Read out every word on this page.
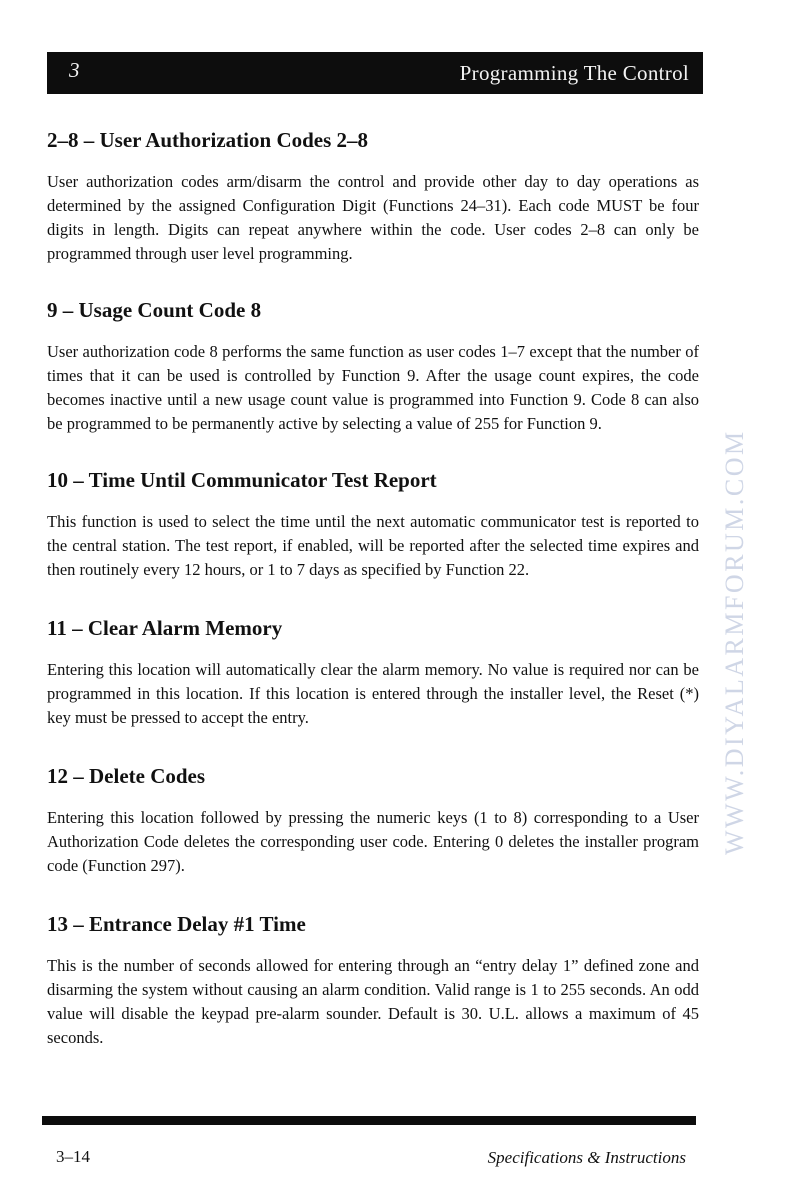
3	Programming The Control
2–8 – User Authorization Codes 2–8

User authorization codes arm/disarm the control and provide other day to day operations as determined by the assigned Configuration Digit (Functions 24–31). Each code MUST be four digits in length. Digits can repeat anywhere within the code. User codes 2–8 can only be programmed through user level programming.

9 – Usage Count Code 8

User authorization code 8 performs the same function as user codes 1–7 except that the number of times that it can be used is controlled by Function 9. After the usage count expires, the code becomes inactive until a new usage count value is programmed into Function 9. Code 8 can also be programmed to be permanently active by selecting a value of 255 for Function 9.

10 – Time Until Communicator Test Report

This function is used to select the time until the next automatic communicator test is reported to the central station. The test report, if enabled, will be reported after the selected time expires and then routinely every 12 hours, or 1 to 7 days as specified by Function 22.

11 – Clear Alarm Memory

Entering this location will automatically clear the alarm memory. No value is required nor can be programmed in this location. If this location is entered through the installer level, the Reset (*) key must be pressed to accept the entry.

12 – Delete Codes

Entering this location followed by pressing the numeric keys (1 to 8) corresponding to a User Authorization Code deletes the corresponding user code. Entering 0 deletes the installer program code (Function 297).

13 – Entrance Delay #1 Time

This is the number of seconds allowed for entering through an “entry delay 1” defined zone and disarming the system without causing an alarm condition. Valid range is 1 to 255 seconds. An odd value will disable the keypad pre-alarm sounder. Default is 30. U.L. allows a maximum of 45 seconds.

WWW.DIYALARMFORUM.COM
3–14	Specifications & Instructions
